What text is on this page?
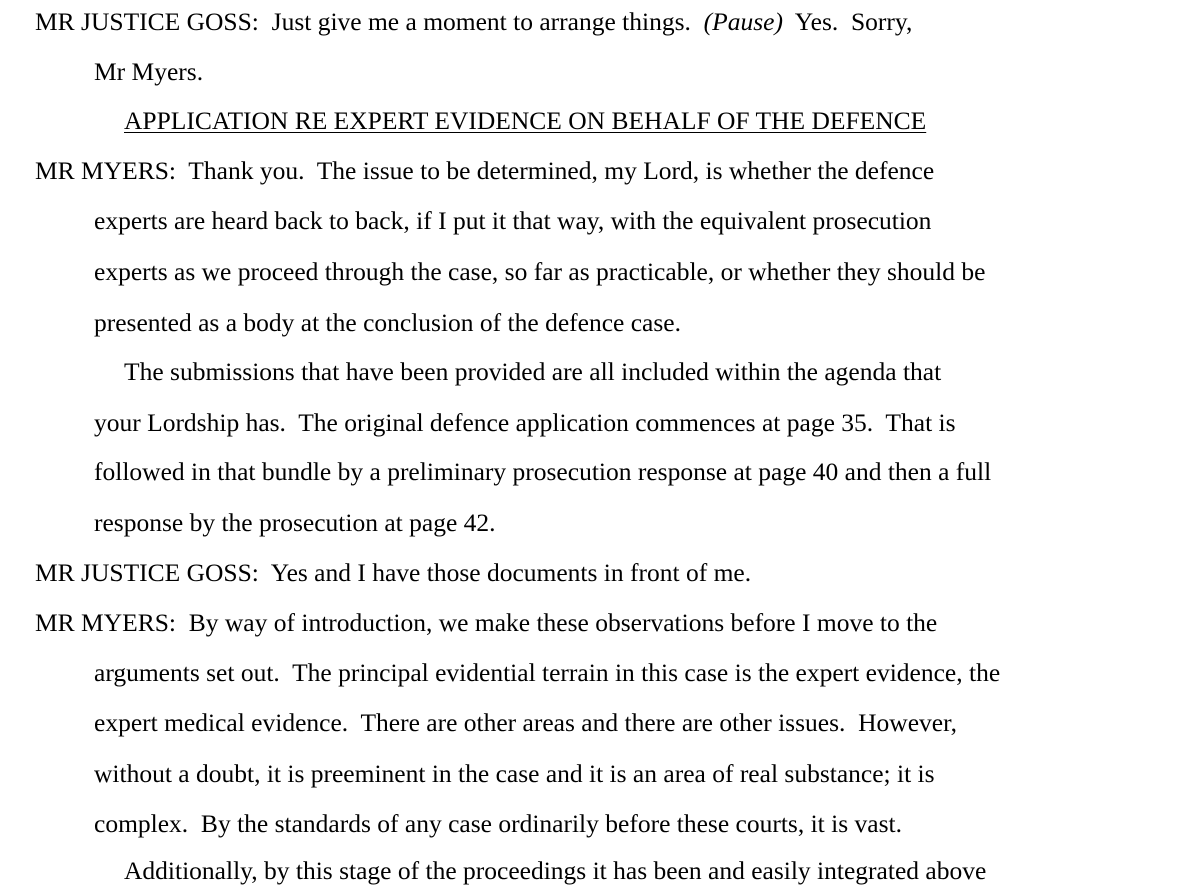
MR JUSTICE GOSS: Just give me a moment to arrange things. (Pause) Yes.  Sorry,
Mr Myers.
APPLICATION RE EXPERT EVIDENCE ON BEHALF OF THE DEFENCE
MR MYERS: Thank you.  The issue to be determined, my Lord, is whether the defence
experts are heard back to back, if I put it that way, with the equivalent prosecution
experts as we proceed through the case, so far as practicable, or whether they should be
presented as a body at the conclusion of the defence case.
The submissions that have been provided are all included within the agenda that
your Lordship has.  The original defence application commences at page 35.  That is
followed in that bundle by a preliminary prosecution response at page 40 and then a full
response by the prosecution at page 42.
MR JUSTICE GOSS: Yes and I have those documents in front of me.
MR MYERS: By way of introduction, we make these observations before I move to the
arguments set out.  The principal evidential terrain in this case is the expert evidence, the
expert medical evidence.  There are other areas and there are other issues.  However,
without a doubt, it is preeminent in the case and it is an area of real substance; it is
complex.  By the standards of any case ordinarily before these courts, it is vast.
Additionally, by this stage of the proceedings it has been and easily integrated above
